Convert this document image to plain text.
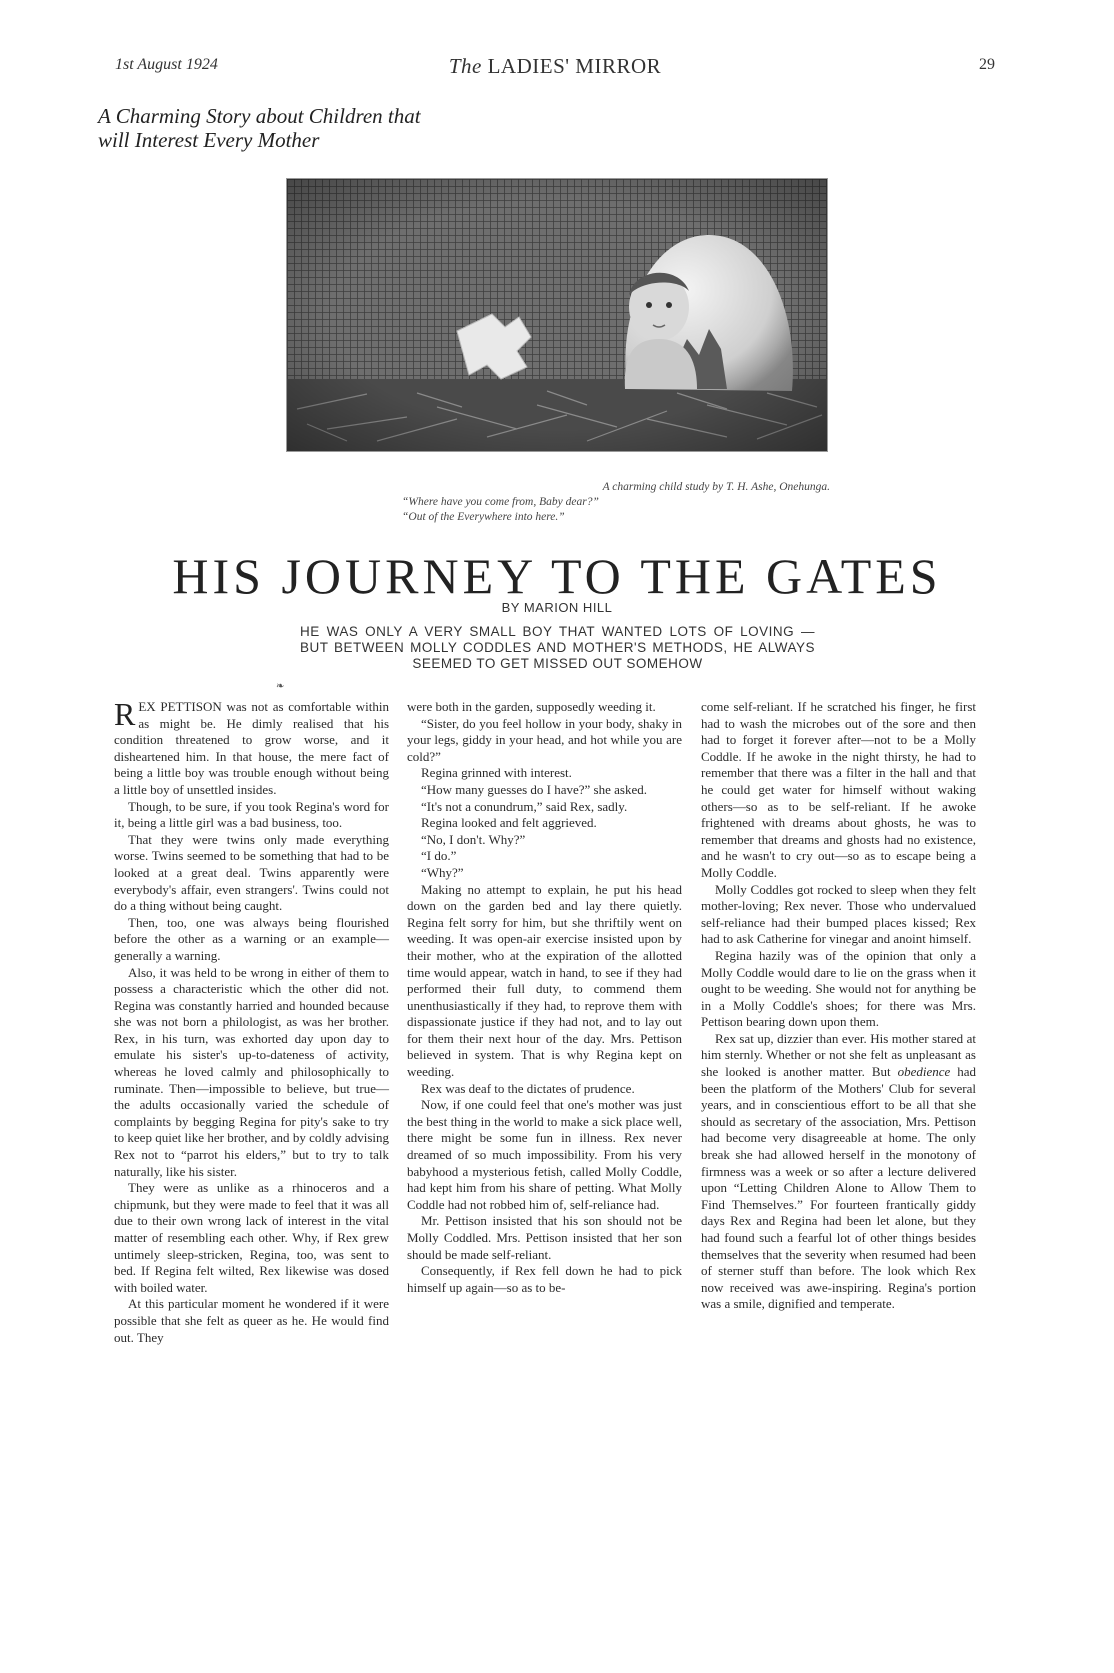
1st August 1924	The LADIES' MIRROR	29
A Charming Story about Children that will Interest Every Mother
A charming child study by T. H. Ashe, Onehunga.
“Where have you come from, Baby dear?”
“Out of the Everywhere into here.”
HIS JOURNEY TO THE GATES
BY MARION HILL
HE WAS ONLY A VERY SMALL BOY THAT WANTED LOTS OF LOVING — BUT BETWEEN MOLLY CODDLES AND MOTHER'S METHODS, HE ALWAYS SEEMED TO GET MISSED OUT SOMEHOW
❧

REX PETTISON was not as comfortable within as might be. He dimly realised that his condition threatened to grow worse, and it disheartened him. In that house, the mere fact of being a little boy was trouble enough without being a little boy of unsettled insides.

Though, to be sure, if you took Regina's word for it, being a little girl was a bad business, too.

That they were twins only made everything worse. Twins seemed to be something that had to be looked at a great deal. Twins apparently were everybody's affair, even strangers'. Twins could not do a thing without being caught.

Then, too, one was always being flourished before the other as a warning or an example—generally a warning.

Also, it was held to be wrong in either of them to possess a characteristic which the other did not. Regina was constantly harried and hounded because she was not born a philologist, as was her brother. Rex, in his turn, was exhorted day upon day to emulate his sister's up-to-dateness of activity, whereas he loved calmly and philosophically to ruminate. Then—impossible to believe, but true—the adults occasionally varied the schedule of complaints by begging Regina for pity's sake to try to keep quiet like her brother, and by coldly advising Rex not to “parrot his elders,” but to try to talk naturally, like his sister.

They were as unlike as a rhinoceros and a chipmunk, but they were made to feel that it was all due to their own wrong lack of interest in the vital matter of resembling each other. Why, if Rex grew untimely sleep-stricken, Regina, too, was sent to bed. If Regina felt wilted, Rex likewise was dosed with boiled water.

At this particular moment he wondered if it were possible that she felt as queer as he. He would find out. They

were both in the garden, supposedly weeding it.

“Sister, do you feel hollow in your body, shaky in your legs, giddy in your head, and hot while you are cold?”

Regina grinned with interest.

“How many guesses do I have?” she asked.

“It's not a conundrum,” said Rex, sadly.

Regina looked and felt aggrieved.

“No, I don't. Why?”

“I do.”

“Why?”

Making no attempt to explain, he put his head down on the garden bed and lay there quietly. Regina felt sorry for him, but she thriftily went on weeding. It was open-air exercise insisted upon by their mother, who at the expiration of the allotted time would appear, watch in hand, to see if they had performed their full duty, to commend them unenthusiastically if they had, to reprove them with dispassionate justice if they had not, and to lay out for them their next hour of the day. Mrs. Pettison believed in system. That is why Regina kept on weeding.

Rex was deaf to the dictates of prudence.

Now, if one could feel that one's mother was just the best thing in the world to make a sick place well, there might be some fun in illness. Rex never dreamed of so much impossibility. From his very babyhood a mysterious fetish, called Molly Coddle, had kept him from his share of petting. What Molly Coddle had not robbed him of, self-reliance had.

Mr. Pettison insisted that his son should not be Molly Coddled. Mrs. Pettison insisted that her son should be made self-reliant.

Consequently, if Rex fell down he had to pick himself up again—so as to be-

come self-reliant. If he scratched his finger, he first had to wash the microbes out of the sore and then had to forget it forever after—not to be a Molly Coddle. If he awoke in the night thirsty, he had to remember that there was a filter in the hall and that he could get water for himself without waking others—so as to be self-reliant. If he awoke frightened with dreams about ghosts, he was to remember that dreams and ghosts had no existence, and he wasn't to cry out—so as to escape being a Molly Coddle.

Molly Coddles got rocked to sleep when they felt mother-loving; Rex never. Those who undervalued self-reliance had their bumped places kissed; Rex had to ask Catherine for vinegar and anoint himself.

Regina hazily was of the opinion that only a Molly Coddle would dare to lie on the grass when it ought to be weeding. She would not for anything be in a Molly Coddle's shoes; for there was Mrs. Pettison bearing down upon them.

Rex sat up, dizzier than ever. His mother stared at him sternly. Whether or not she felt as unpleasant as she looked is another matter. But obedience had been the platform of the Mothers' Club for several years, and in conscientious effort to be all that she should as secretary of the association, Mrs. Pettison had become very disagreeable at home. The only break she had allowed herself in the monotony of firmness was a week or so after a lecture delivered upon “Letting Children Alone to Allow Them to Find Themselves.” For fourteen frantically giddy days Rex and Regina had been let alone, but they had found such a fearful lot of other things besides themselves that the severity when resumed had been of sterner stuff than before. The look which Rex now received was awe-inspiring. Regina's portion was a smile, dignified and temperate.
